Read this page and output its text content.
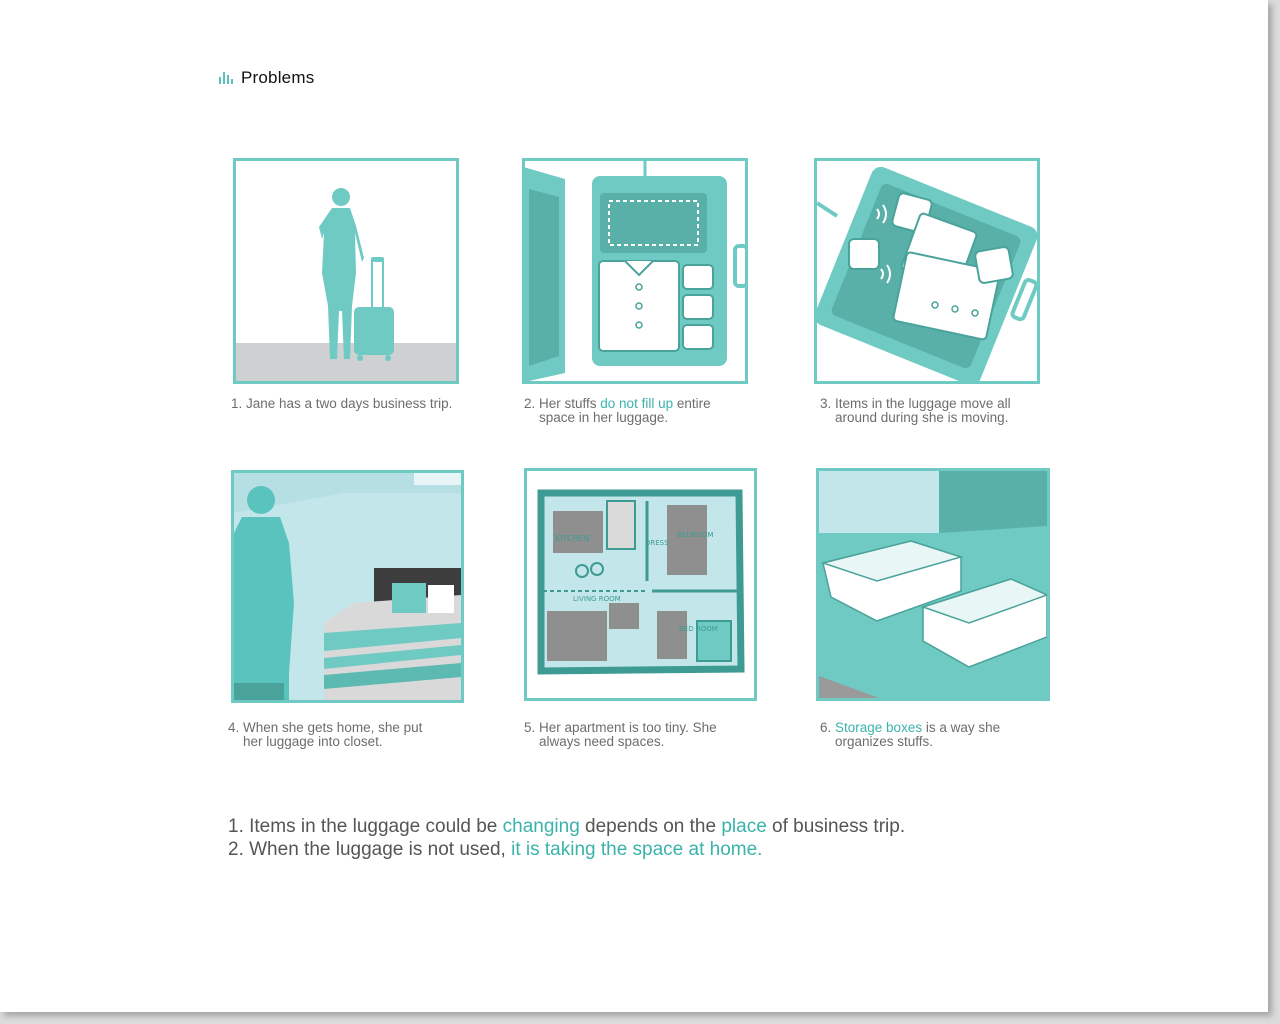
Problems
KITCHEN
LIVING ROOM
BEDROOM
BED ROOM
DRESS
1. Jane has a two days business trip.	2. Her stuffs do not fill up entire
space in her luggage.
3. Items in the luggage move all
around during she is moving.
4. When she gets home, she put
her luggage into closet.
5. Her apartment is too tiny. She
always need spaces.
6. Storage boxes is a way she
organizes stuffs.
1. Items in the luggage could be changing depends on the place of business trip.
2. When the luggage is not used, it is taking the space at home.
